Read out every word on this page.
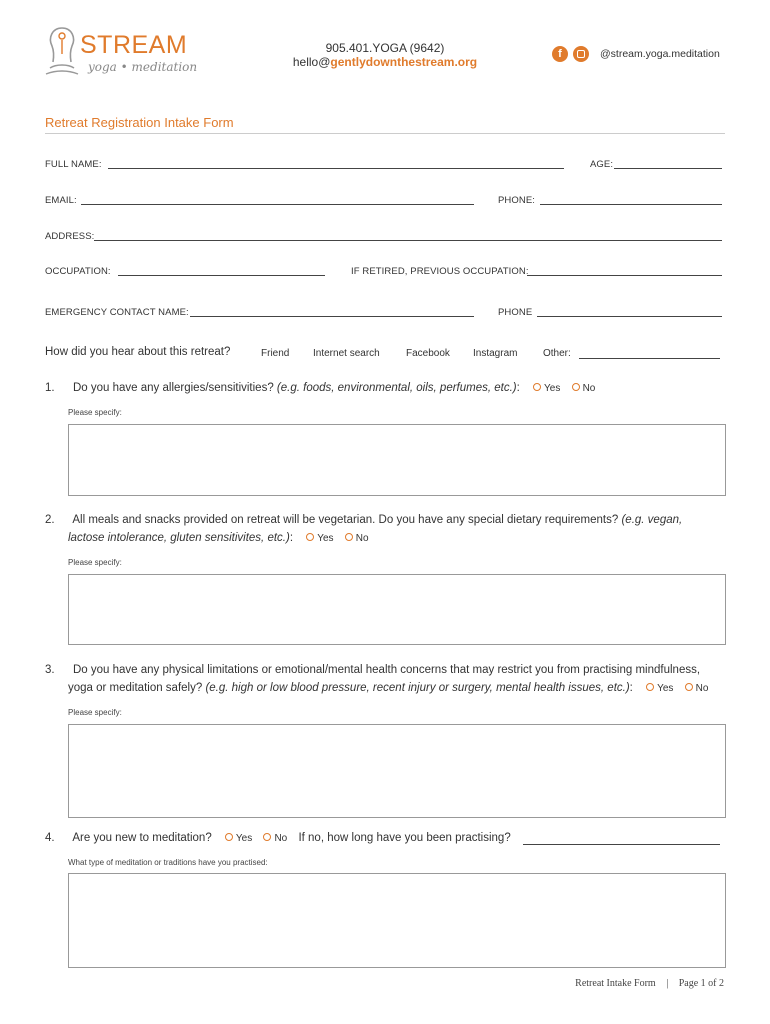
STREAM
yoga • meditation
905.401.YOGA (9642)
hello@gentlydownthestream.org
f	@stream.yoga.meditation
Retreat Registration Intake Form
FULL NAME:	AGE:
EMAIL:	PHONE:
ADDRESS:
OCCUPATION:	IF RETIRED, PREVIOUS OCCUPATION:
EMERGENCY CONTACT NAME:	PHONE
How did you hear about this retreat?	Friend Internet search	Facebook Instagram	Other:
1. Do you have any allergies/sensitivities? (e.g. foods, environmental, oils, perfumes, etc.): Yes No
Please specify:
2. All meals and snacks provided on retreat will be vegetarian. Do you have any special dietary requirements? (e.g. vegan,
lactose intolerance, gluten sensitivites, etc.): Yes No
Please specify:
3. Do you have any physical limitations or emotional/mental health concerns that may restrict you from practising mindfulness,
yoga or meditation safely? (e.g. high or low blood pressure, recent injury or surgery, mental health issues, etc.): Yes No
Please specify:
4. Are you new to meditation? Yes No If no, how long have you been practising?
What type of meditation or traditions have you practised:
Retreat Intake Form | Page 1 of 2
